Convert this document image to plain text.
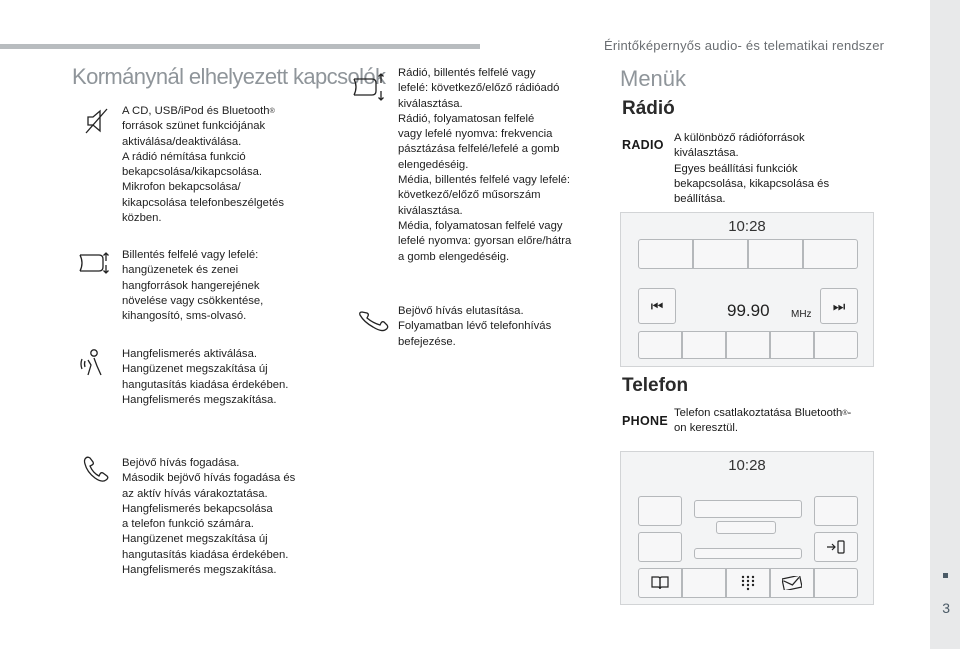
Érintőképernyős audio- és telematikai rendszer
3
Kormánynál elhelyezett kapcsolók
A CD, USB/iPod és Bluetooth®
források szünet funkciójának
aktiválása/deaktiválása.
A rádió némítása funkció
bekapcsolása/kikapcsolása.
Mikrofon bekapcsolása/
kikapcsolása telefonbeszélgetés
közben.
Billentés felfelé vagy lefelé:
hangüzenetek és zenei
hangforrások hangerejének
növelése vagy csökkentése,
kihangosító, sms-olvasó.
Hangfelismerés aktiválása.
Hangüzenet megszakítása új
hangutasítás kiadása érdekében.
Hangfelismerés megszakítása.
Bejövő hívás fogadása.
Második bejövő hívás fogadása és
az aktív hívás várakoztatása.
Hangfelismerés bekapcsolása
a telefon funkció számára.
Hangüzenet megszakítása új
hangutasítás kiadása érdekében.
Hangfelismerés megszakítása.
Rádió, billentés felfelé vagy
lefelé: következő/előző rádióadó
kiválasztása.
Rádió, folyamatosan felfelé
vagy lefelé nyomva: frekvencia
pásztázása felfelé/lefelé a gomb
elengedéséig.
Média, billentés felfelé vagy lefelé:
következő/előző műsorszám
kiválasztása.
Média, folyamatosan felfelé vagy
lefelé nyomva: gyorsan előre/hátra
a gomb elengedéséig.
Bejövő hívás elutasítása.
Folyamatban lévő telefonhívás
befejezése.
Menük
Rádió
RADIO A különböző rádióforrások
kiválasztása.
Egyes beállítási funkciók
bekapcsolása, kikapcsolása és
beállítása.
10:28
⏮	99.90 MHz
⏭
Telefon
PHONE
Telefon csatlakoztatása Bluetooth®-
on keresztül.
10:28
